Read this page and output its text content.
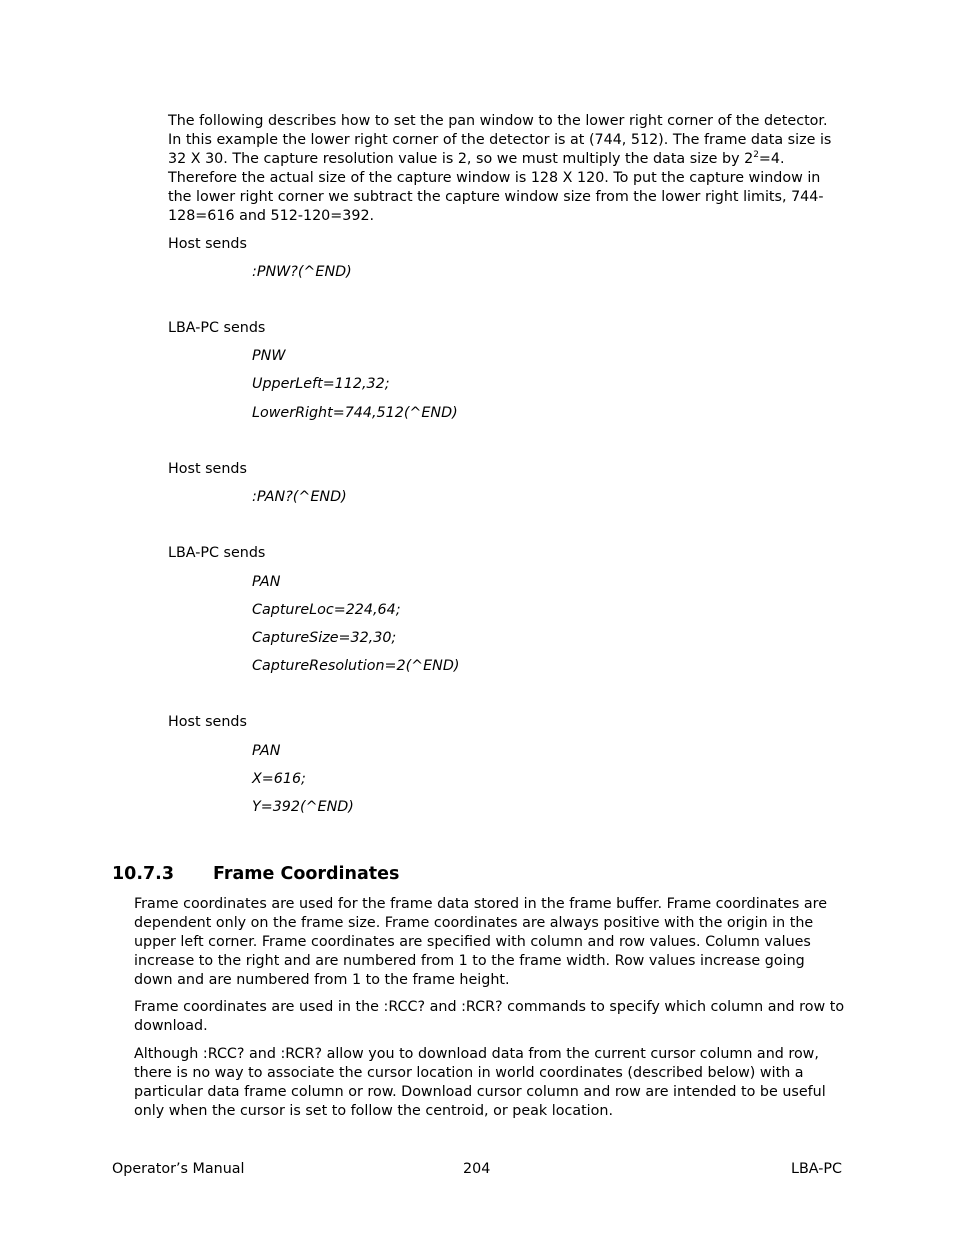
The following describes how to set the pan window to the lower right corner of the detector. In this example the lower right corner of the detector is at (744, 512). The frame data size is 32 X 30. The capture resolution value is 2, so we must multiply the data size by $2^2=4$. Therefore the actual size of the capture window is 128 X 120. To put the capture window in the lower right corner we subtract the capture window size from the lower right limits, 744-128=616 and 512-120=392.
Host sends
:PNW?(^END)
LBA-PC sends
PNW
UpperLeft=112,32;
LowerRight=744,512(^END)
Host sends
:PAN?(^END)
LBA-PC sends
PAN
CaptureLoc=224,64;
CaptureSize=32,30;
CaptureResolution=2(^END)
Host sends
PAN
X=616;
Y=392(^END)
10.7.3 Frame Coordinates
Frame coordinates are used for the frame data stored in the frame buffer. Frame coordinates are dependent only on the frame size. Frame coordinates are always positive with the origin in the upper left corner. Frame coordinates are specified with column and row values. Column values increase to the right and are numbered from 1 to the frame width. Row values increase going down and are numbered from 1 to the frame height.
Frame coordinates are used in the :RCC? and :RCR? commands to specify which column and row to download.
Although :RCC? and :RCR? allow you to download data from the current cursor column and row, there is no way to associate the cursor location in world coordinates (described below) with a particular data frame column or row. Download cursor column and row are intended to be useful only when the cursor is set to follow the centroid, or peak location.
Operator’s Manual	204	LBA-PC
